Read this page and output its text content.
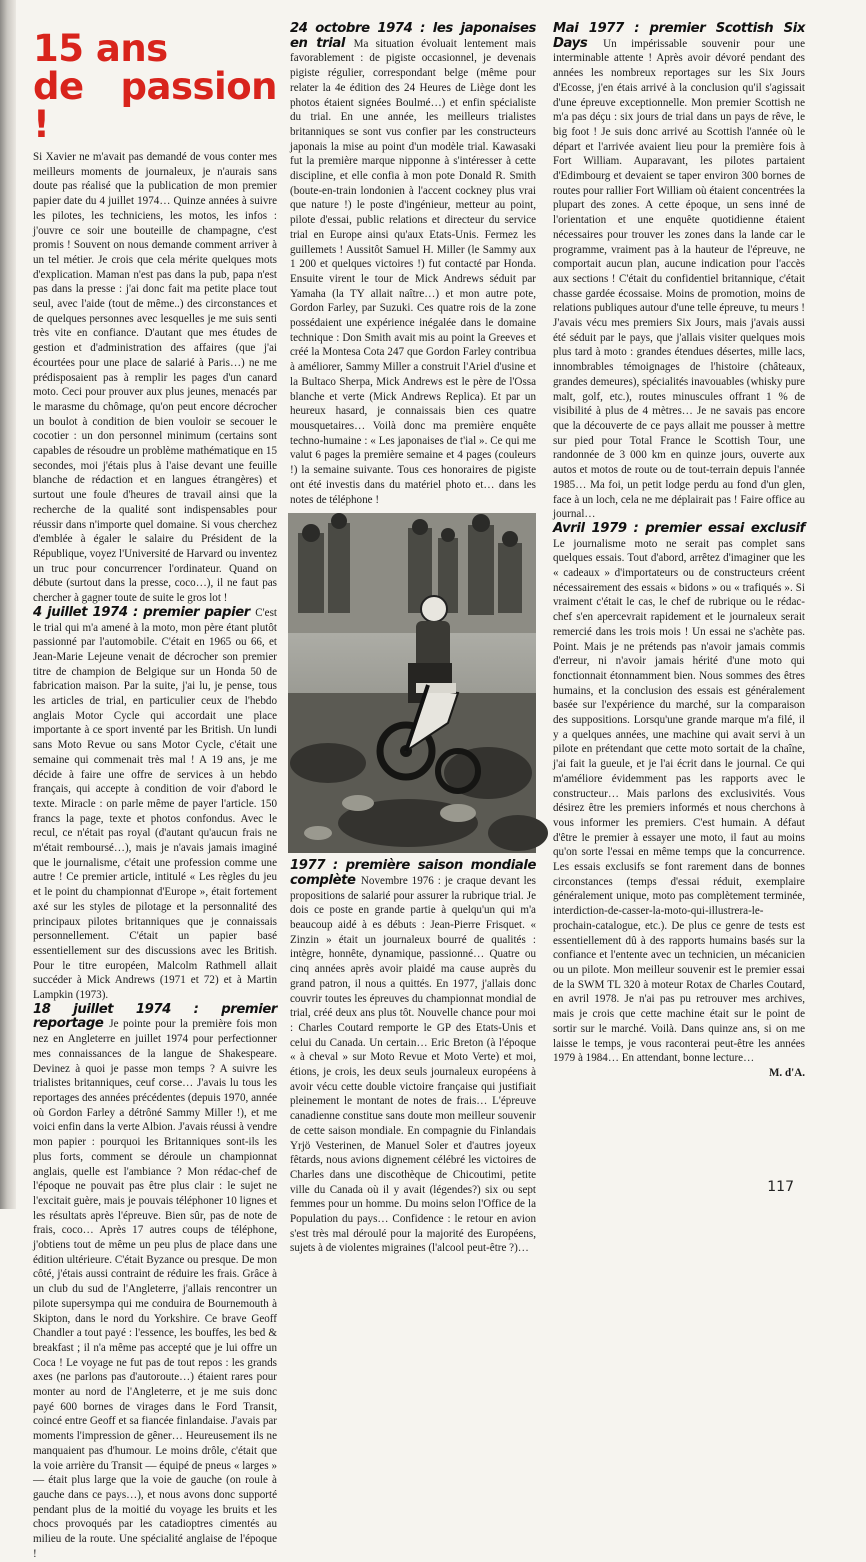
15 ans
de passion !

Si Xavier ne m'avait pas demandé de vous conter mes meilleurs moments de journaleux, je n'aurais sans doute pas réalisé que la publication de mon premier papier date du 4 juillet 1974… Quinze années à suivre les pilotes, les techniciens, les motos, les infos : j'ouvre ce soir une bouteille de champagne, c'est promis ! Souvent on nous demande comment arriver à un tel métier. Je crois que cela mérite quelques mots d'explication. Maman n'est pas dans la pub, papa n'est pas dans la presse : j'ai donc fait ma petite place tout seul, avec l'aide (tout de même..) des circonstances et de quelques personnes avec lesquelles je me suis senti très vite en confiance. D'autant que mes études de gestion et d'administration des affaires (que j'ai écourtées pour une place de salarié à Paris…) ne me prédisposaient pas à remplir les pages d'un canard moto. Ceci pour prouver aux plus jeunes, menacés par le marasme du chômage, qu'on peut encore décrocher un boulot à condition de bien vouloir se secouer le cocotier : un don personnel minimum (certains sont capables de résoudre un problème mathématique en 15 secondes, moi j'étais plus à l'aise devant une feuille blanche de rédaction et en langues étrangères) et surtout une foule d'heures de travail ainsi que la recherche de la qualité sont indispensables pour réussir dans n'importe quel domaine. Si vous cherchez d'emblée à égaler le salaire du Président de la République, voyez l'Université de Harvard ou inventez un truc pour concurrencer l'ordinateur. Quand on débute (surtout dans la presse, coco…), il ne faut pas chercher à gagner toute de suite le gros lot !

4 juillet 1974 : premier papier C'est le trial qui m'a amené à la moto, mon père étant plutôt passionné par l'automobile. C'était en 1965 ou 66, et Jean-Marie Lejeune venait de décrocher son premier titre de champion de Belgique sur un Honda 50 de fabrication maison. Par la suite, j'ai lu, je pense, tous les articles de trial, en particulier ceux de l'hebdo anglais Motor Cycle qui accordait une place importante à ce sport inventé par les British. Un lundi sans Moto Revue ou sans Motor Cycle, c'était une semaine qui commenait très mal ! A 19 ans, je me décide à faire une offre de services à un hebdo français, qui accepte à condition de voir d'abord le texte. Miracle : on parle même de payer l'article. 150 francs la page, texte et photos confondus. Avec le recul, ce n'était pas royal (d'autant qu'aucun frais ne m'était remboursé…), mais je n'avais jamais imaginé que le journalisme, c'était une profession comme une autre ! Ce premier article, intitulé « Les règles du jeu et le point du championnat d'Europe », était fortement axé sur les styles de pilotage et la personnalité des principaux pilotes britanniques que je connaissais personnellement. C'était un papier basé essentiellement sur des discussions avec les British. Pour le titre européen, Malcolm Rathmell allait succéder à Mick Andrews (1971 et 72) et à Martin Lampkin (1973).

18 juillet 1974 : premier reportage Je pointe pour la première fois mon nez en Angleterre en juillet 1974 pour perfectionner mes connaissances de la langue de Shakespeare. Devinez à quoi je passe mon temps ? A suivre les trialistes britanniques, ceuf corse… J'avais lu tous les reportages des années précédentes (depuis 1970, année où Gordon Farley a détrôné Sammy Miller !), et me voici enfin dans la verte Albion. J'avais réussi à vendre mon papier : pourquoi les Britanniques sont-ils les plus forts, comment se déroule un championnat anglais, quelle est l'ambiance ? Mon rédac-chef de l'époque ne pouvait pas être plus clair : le sujet ne l'excitait guère, mais je pouvais téléphoner 10 lignes et les résultats après l'épreuve. Bien sûr, pas de note de frais, coco… Après 17 autres coups de téléphone, j'obtiens tout de même un peu plus de place dans une édition ultérieure. C'était Byzance ou presque. De mon côté, j'étais aussi contraint de réduire les frais. Grâce à un club du sud de l'Angleterre, j'allais rencontrer un pilote supersympa qui me conduira de Bournemouth à Skipton, dans le nord du Yorkshire. Ce brave Geoff Chandler a tout payé : l'essence, les bouffes, les bed & breakfast ; il n'a même pas accepté que je lui offre un Coca ! Le voyage ne fut pas de tout repos : les grands axes (ne parlons pas d'autoroute…) étaient rares pour monter au nord de l'Angleterre, et je me suis donc payé 600 bornes de virages dans le Ford Transit, coincé entre Geoff et sa fiancée finlandaise. J'avais par moments l'impression de gêner… Heureusement ils ne manquaient pas d'humour. Le moins drôle, c'était que la voie arrière du Transit — équipé de pneus « larges » — était plus large que la voie de gauche (on roule à gauche dans ce pays…), et nous avons donc supporté pendant plus de la moitié du voyage les bruits et les chocs provoqués par les catadioptres cimentés au milieu de la route. Une spécialité anglaise de l'époque !

24 octobre 1974 : les japonaises en trial Ma situation évoluait lentement mais favorablement : de pigiste occasionnel, je devenais pigiste régulier, correspondant belge (même pour relater la 4e édition des 24 Heures de Liège dont les photos étaient signées Boulmé…) et enfin spécialiste du trial. En une année, les meilleurs trialistes britanniques se sont vus confier par les constructeurs japonais la mise au point d'un modèle trial. Kawasaki fut la première marque nipponne à s'intéresser à cette discipline, et elle confia à mon pote Donald R. Smith (boute-en-train londonien à l'accent cockney plus vrai que nature !) le poste d'ingénieur, metteur au point, pilote d'essai, public relations et directeur du service trial en Europe ainsi qu'aux Etats-Unis. Fermez les guillemets ! Aussitôt Samuel H. Miller (le Sammy aux 1 200 et quelques victoires !) fut contacté par Honda. Ensuite virent le tour de Mick Andrews séduit par Yamaha (la TY allait naître…) et mon autre pote, Gordon Farley, par Suzuki. Ces quatre rois de la zone possédaient une expérience inégalée dans le domaine technique : Don Smith avait mis au point la Greeves et créé la Montesa Cota 247 que Gordon Farley contribua à améliorer, Sammy Miller a construit l'Ariel d'usine et la Bultaco Sherpa, Mick Andrews est le père de l'Ossa blanche et verte (Mick Andrews Replica). Et par un heureux hasard, je connaissais bien ces quatre mousquetaires… Voilà donc ma première enquête techno-humaine : « Les japonaises de t'ial ». Ce qui me valut 6 pages la première semaine et 4 pages (couleurs !) la semaine suivante. Tous ces honoraires de pigiste ont été investis dans du matériel photo et… dans les notes de téléphone !

1977 : première saison mondiale complète Novembre 1976 : je craque devant les propositions de salarié pour assurer la rubrique trial. Je dois ce poste en grande partie à quelqu'un qui m'a beaucoup aidé à es débuts : Jean-Pierre Frisquet. « Zinzin » était un journaleux bourré de qualités : intègre, honnête, dynamique, passionné… Quatre ou cinq années après avoir plaidé ma cause auprès du grand patron, il nous a quittés. En 1977, j'allais donc couvrir toutes les épreuves du championnat mondial de trial, créé deux ans plus tôt. Nouvelle chance pour moi : Charles Coutard remporte le GP des Etats-Unis et celui du Canada. Un certain… Eric Breton (à l'époque « à cheval » sur Moto Revue et Moto Verte) et moi, étions, je crois, les deux seuls journaleux européens à avoir vécu cette double victoire française qui justifiait pleinement le montant de notes de frais… L'épreuve canadienne constitue sans doute mon meilleur souvenir de cette saison mondiale. En compagnie du Finlandais Yrjö Vesterinen, de Manuel Soler et d'autres joyeux fêtards, nous avions dignement célébré les victoires de Charles dans une discothèque de Chicoutimi, petite ville du Canada où il y avait (légendes?) six ou sept femmes pour un homme. Du moins selon l'Office de la Population du pays… Confidence : le retour en avion s'est très mal déroulé pour la majorité des Européens, sujets à de violentes migraines (l'alcool peut-être ?)…

Mai 1977 : premier Scottish Six Days Un impérissable souvenir pour une interminable attente ! Après avoir dévoré pendant des années les nombreux reportages sur les Six Jours d'Ecosse, j'en étais arrivé à la conclusion qu'il s'agissait d'une épreuve exceptionnelle. Mon premier Scottish ne m'a pas déçu : six jours de trial dans un pays de rêve, le big foot ! Je suis donc arrivé au Scottish l'année où le départ et l'arrivée avaient lieu pour la première fois à Fort William. Auparavant, les pilotes partaient d'Edimbourg et devaient se taper environ 300 bornes de routes pour rallier Fort William où étaient concentrées la plupart des zones. A cette époque, un sens inné de l'orientation et une enquête quotidienne étaient nécessaires pour trouver les zones dans la lande car le programme, vraiment pas à la hauteur de l'épreuve, ne comportait aucun plan, aucune indication pour l'accès aux sections ! C'était du confidentiel britannique, c'était chasse gardée écossaise. Moins de promotion, moins de relations publiques autour d'une telle épreuve, tu meurs ! J'avais vécu mes premiers Six Jours, mais j'avais aussi été séduit par le pays, que j'allais visiter quelques mois plus tard à moto : grandes étendues désertes, mille lacs, innombrables témoignages de l'histoire (châteaux, grandes demeures), spécialités inavouables (whisky pure malt, golf, etc.), routes minuscules offrant 1 % de visibilité à plus de 4 mètres… Je ne savais pas encore que la découverte de ce pays allait me pousser à mettre sur pied pour Total France le Scottish Tour, une randonnée de 3 000 km en quinze jours, ouverte aux autos et motos de route ou de tout-terrain depuis l'année 1985… Ma foi, un petit lodge perdu au fond d'un glen, face à un loch, cela ne me déplairait pas ! Faire office au journal…

Avril 1979 : premier essai exclusif Le journalisme moto ne serait pas complet sans quelques essais. Tout d'abord, arrêtez d'imaginer que les « cadeaux » d'importateurs ou de constructeurs créent nécessairement des essais « bidons » ou « trafiqués ». Si vraiment c'était le cas, le chef de rubrique ou le rédac-chef s'en apercevrait rapidement et le journaleux serait remercié dans les trois mois ! Un essai ne s'achète pas. Point. Mais je ne prétends pas n'avoir jamais commis d'erreur, ni n'avoir jamais hérité d'une moto qui fonctionnait étonnamment bien. Nous sommes des êtres humains, et la conclusion des essais est généralement basée sur l'expérience du marché, sur la comparaison des suppositions. Lorsqu'une grande marque m'a filé, il y a quelques années, une machine qui avait servi à un pilote en prétendant que cette moto sortait de la chaîne, j'ai fait la gueule, et je l'ai écrit dans le journal. Ce qui m'améliore évidemment pas les rapports avec le constructeur… Mais parlons des exclusivités. Vous désirez être les premiers informés et nous cherchons à vous informer les premiers. C'est humain. A défaut d'être le premier à essayer une moto, il faut au moins qu'on sorte l'essai en même temps que la concurrence. Les essais exclusifs se font rarement dans de bonnes circonstances (temps d'essai réduit, exemplaire généralement unique, moto pas complètement terminée, interdiction-de-casser-la-moto-qui-illustrera-le-prochain-catalogue, etc.). De plus ce genre de tests est essentiellement dû à des rapports humains basés sur la confiance et l'entente avec un technicien, un mécanicien ou un pilote. Mon meilleur souvenir est le premier essai de la SWM TL 320 à moteur Rotax de Charles Coutard, en avril 1978. Je n'ai pas pu retrouver mes archives, mais je crois que cette machine était sur le point de sortir sur le marché. Voilà. Dans quinze ans, si on me laisse le temps, je vous raconterai peut-être les années 1979 à 1984… En attendant, bonne lecture…

M. d'A.

117
